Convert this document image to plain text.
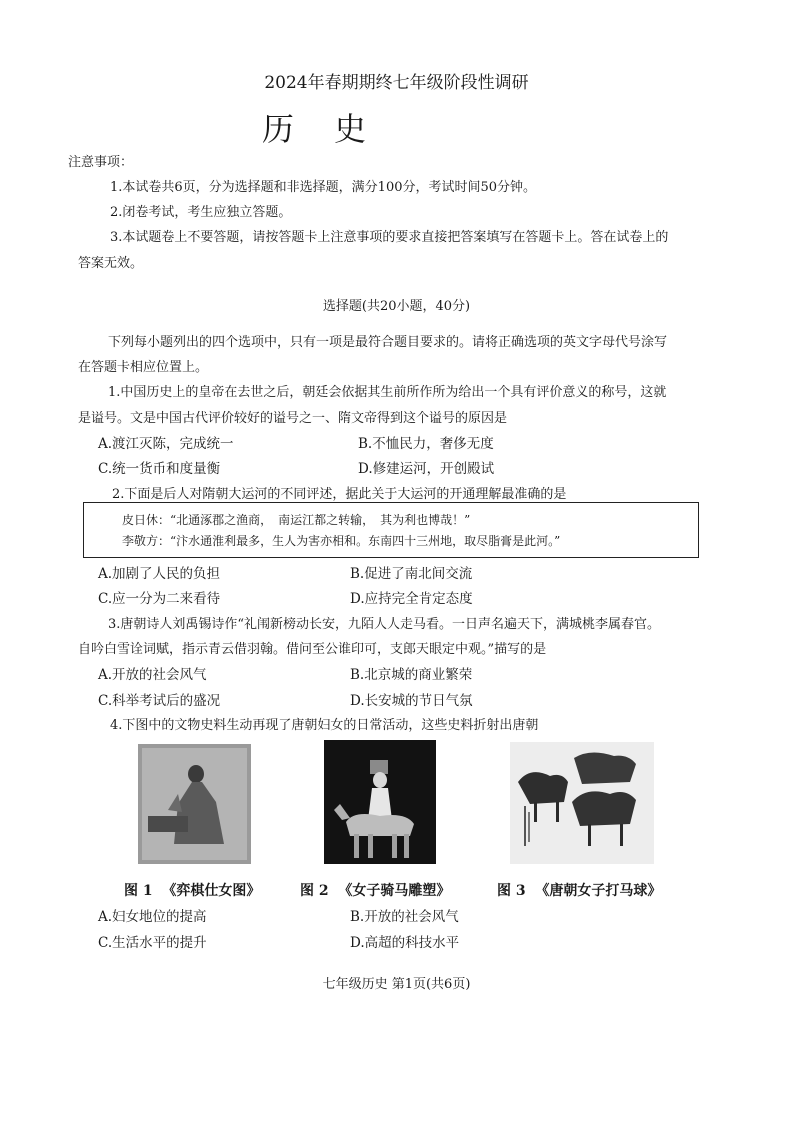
2024年春期期终七年级阶段性调研
历史
注意事项：
1.本试卷共6页，分为选择题和非选择题，满分100分，考试时间50分钟。
2.闭卷考试，考生应独立答题。
3.本试题卷上不要答题，请按答题卡上注意事项的要求直接把答案填写在答题卡上。答在试卷上的
答案无效。
选择题(共20小题，40分)
下列每小题列出的四个选项中，只有一项是最符合题目要求的。请将正确选项的英文字母代号涂写
在答题卡相应位置上。
1.中国历史上的皇帝在去世之后，朝廷会依据其生前所作所为给出一个具有评价意义的称号，这就
是谥号。文是中国古代评价较好的谥号之一、隋文帝得到这个谥号的原因是
A.渡江灭陈，完成统一	B.不恤民力，奢侈无度
C.统一货币和度量衡	D.修建运河，开创殿试
2.下面是后人对隋朝大运河的不同评述，据此关于大运河的开通理解最准确的是
皮日休：“北通涿郡之渔商，　南运江都之转输，　其为利也博哉！”
李敬方：“汴水通淮利最多，生人为害亦相和。东南四十三州地，取尽脂膏是此河。”
A.加剧了人民的负担	B.促进了南北间交流
C.应一分为二来看待	D.应持完全肯定态度
3.唐朝诗人刘禹锡诗作“礼闱新榜动长安，九陌人人走马看。一日声名遍天下，满城桃李属春官。
自吟白雪诠词赋，指示青云借羽翰。借问至公谁印可，支郎天眼定中观。”描写的是
A.开放的社会风气	B.北京城的商业繁荣
C.科举考试后的盛况	D.长安城的节日气氛
4.下图中的文物史料生动再现了唐朝妇女的日常活动，这些史料折射出唐朝
图 1 《弈棋仕女图》	图 2 《女子骑马雕塑》	图 3 《唐朝女子打马球》
A.妇女地位的提高	B.开放的社会风气
C.生活水平的提升	D.高超的科技水平
七年级历史 第1页(共6页)
